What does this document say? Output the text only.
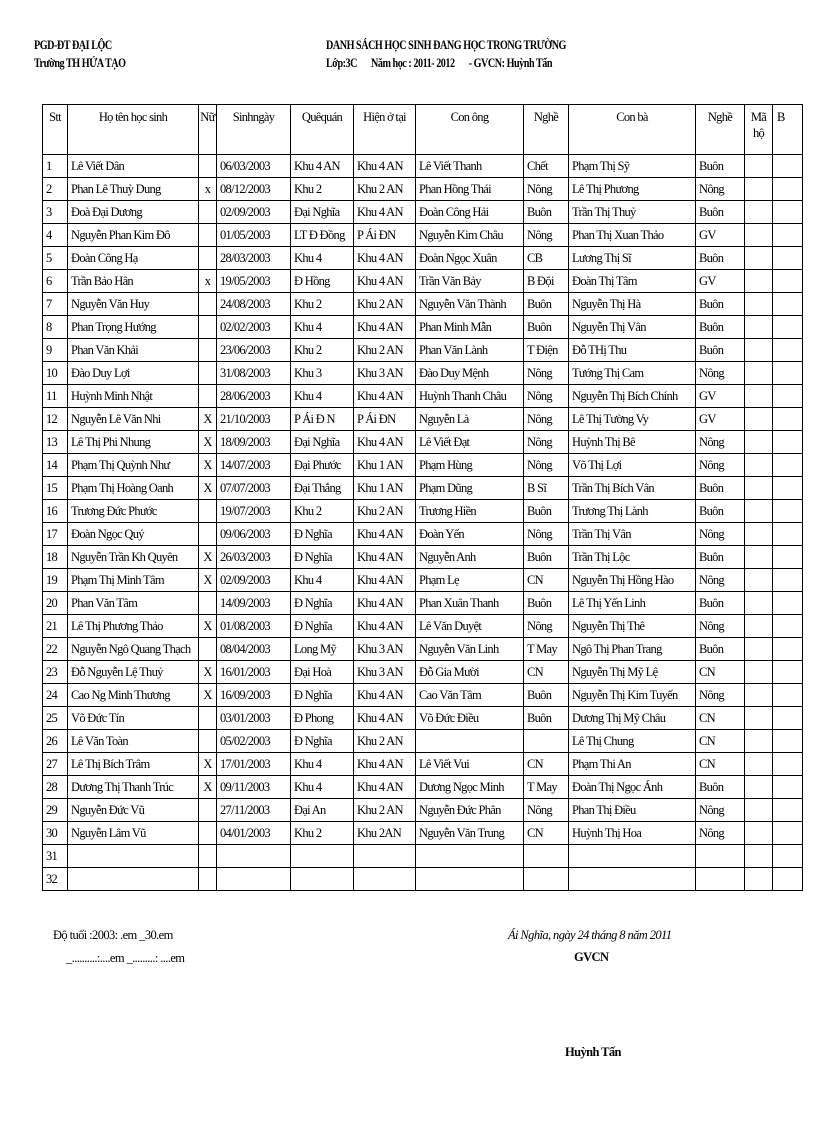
PGD-ĐT ĐẠI LỘC
Trường TH HỨA TẠO
DANH SÁCH HỌC SINH ĐANG HỌC TRONG TRƯỜNG
Lớp:3C Năm học : 2011- 2012 - GVCN: Huỳnh Tấn
Stt	Họ tên học sinh	Nữ	Sinhngày	Quêquán	Hiện ở tại	Con ông	Nghề	Con bà	Nghề	Mã hộ	B
1	Lê Viết Dân		06/03/2003	Khu 4 AN	Khu 4 AN	Lê Viết Thanh	Chết	Phạm Thị Sỹ	Buôn		
2	Phan Lê Thuỳ Dung	x	08/12/2003	Khu 2	Khu 2 AN	Phan Hồng Thái	Nông	Lê Thị Phương	Nông		
3	Đoà Đại Dương		02/09/2003	Đại Nghĩa	Khu 4 AN	Đoàn Công Hải	Buôn	Trần Thị Thuỷ	Buôn		
4	Nguyễn Phan Kim Đô		01/05/2003	LT Đ Đồng	P Ái ĐN	Nguyễn Kim Châu	Nông	Phan Thị Xuan Thảo	GV		
5	Đoàn Công Hạ		28/03/2003	Khu 4	Khu 4 AN	Đoàn Ngọc Xuân	CB	Lương Thị Sĩ	Buôn		
6	Trần Bảo Hân	x	19/05/2003	Đ Hồng	Khu 4 AN	Trần Văn Bảy	B Đội	Đoàn Thị Tâm	GV		
7	Nguyễn Văn Huy		24/08/2003	Khu 2	Khu 2 AN	Nguyễn Văn Thành	Buôn	Nguyễn Thị Hà	Buôn		
8	Phan Trọng Hướng		02/02/2003	Khu 4	Khu 4 AN	Phan Minh Mẫn	Buôn	Nguyễn Thị Vân	Buôn		
9	Phan Văn Khải		23/06/2003	Khu 2	Khu 2 AN	Phan Văn Lành	T Điện	Đỗ THị Thu	Buôn		
10	Đào Duy Lợi		31/08/2003	Khu 3	Khu 3 AN	Đào Duy Mệnh	Nông	Tướng Thị Cam	Nông		
11	Huỳnh Minh Nhật		28/06/2003	Khu 4	Khu 4 AN	Huỳnh Thanh Châu	Nông	Nguyễn Thị Bích Chính	GV		
12	Nguyễn Lê Văn Nhi	X	21/10/2003	P Ái Đ N	P Ái ĐN	Nguyễn Là	Nông	Lê Thị Tường Vy	GV		
13	Lê Thị Phi Nhung	X	18/09/2003	Đại Nghĩa	Khu 4 AN	Lê Viết Đạt	Nông	Huỳnh Thị Bê	Nông		
14	Phạm Thị Quỳnh Như	X	14/07/2003	Đại Phước	Khu 1 AN	Phạm Hùng	Nông	Võ Thị Lợi	Nông		
15	Phạm Thị Hoàng Oanh	X	07/07/2003	Đại Thắng	Khu 1 AN	Phạm Dũng	B Sĩ	Trần Thị Bích Vân	Buôn		
16	Trương Đức Phước		19/07/2003	Khu 2	Khu 2 AN	Trương Hiền	Buôn	Trương Thị Lành	Buôn		
17	Đoàn Ngọc Quý		09/06/2003	Đ Nghĩa	Khu 4 AN	Đoàn Yến	Nông	Trần Thị Vân	Nông		
18	Nguyễn Trần Kh Quyên	X	26/03/2003	Đ Nghĩa	Khu 4 AN	Nguyễn Anh	Buôn	Trần Thị Lộc	Buôn		
19	Phạm Thị Minh Tâm	X	02/09/2003	Khu 4	Khu 4 AN	Phạm Lẹ	CN	Nguyễn Thị Hồng Hào	Nông		
20	Phan Văn Tâm		14/09/2003	Đ Nghĩa	Khu 4 AN	Phan Xuân Thanh	Buôn	Lê Thị Yến Linh	Buôn		
21	Lê Thị Phương Thảo	X	01/08/2003	Đ Nghĩa	Khu 4 AN	Lê Văn Duyệt	Nông	Nguyễn Thị Thê	Nông		
22	Nguyễn Ngô Quang Thạch		08/04/2003	Long Mỹ	Khu 3 AN	Nguyễn Văn Linh	T May	Ngô Thị Phan Trang	Buôn		
23	Đỗ Nguyễn Lệ Thuỷ	X	16/01/2003	Đại Hoà	Khu 3 AN	Đỗ Gia Mười	CN	Nguyễn Thị Mỹ Lệ	CN		
24	Cao Ng Minh Thương	X	16/09/2003	Đ Nghĩa	Khu 4 AN	Cao Văn Tâm	Buôn	Nguyễn Thị Kim Tuyến	Nông		
25	Võ Đức Tín		03/01/2003	Đ Phong	Khu 4 AN	Võ Đức Điều	Buôn	Dương Thị Mỹ Châu	CN		
26	Lê Văn Toàn		05/02/2003	Đ Nghĩa	Khu 2 AN			Lê Thị Chung	CN		
27	Lê Thị Bích Trâm	X	17/01/2003	Khu 4	Khu 4 AN	Lê Viết Vui	CN	Phạm Thi An	CN		
28	Dương Thị Thanh Trúc	X	09/11/2003	Khu 4	Khu 4 AN	Dương Ngọc Minh	T May	Đoàn Thị Ngọc Ánh	Buôn		
29	Nguyễn Đức Vũ		27/11/2003	Đại An	Khu 2 AN	Nguyễn Đức Phân	Nông	Phan Thị Điều	Nông		
30	Nguyễn Lâm Vũ		04/01/2003	Khu 2	Khu 2AN	Nguyễn Văn Trung	CN	Huỳnh Thị Hoa	Nông		
31											
32											
Độ tuổi :2003: .em _30.em
_..........:....em _.........: ....em
Ái Nghĩa, ngày 24 tháng 8 năm 2011
GVCN
Huỳnh Tấn
